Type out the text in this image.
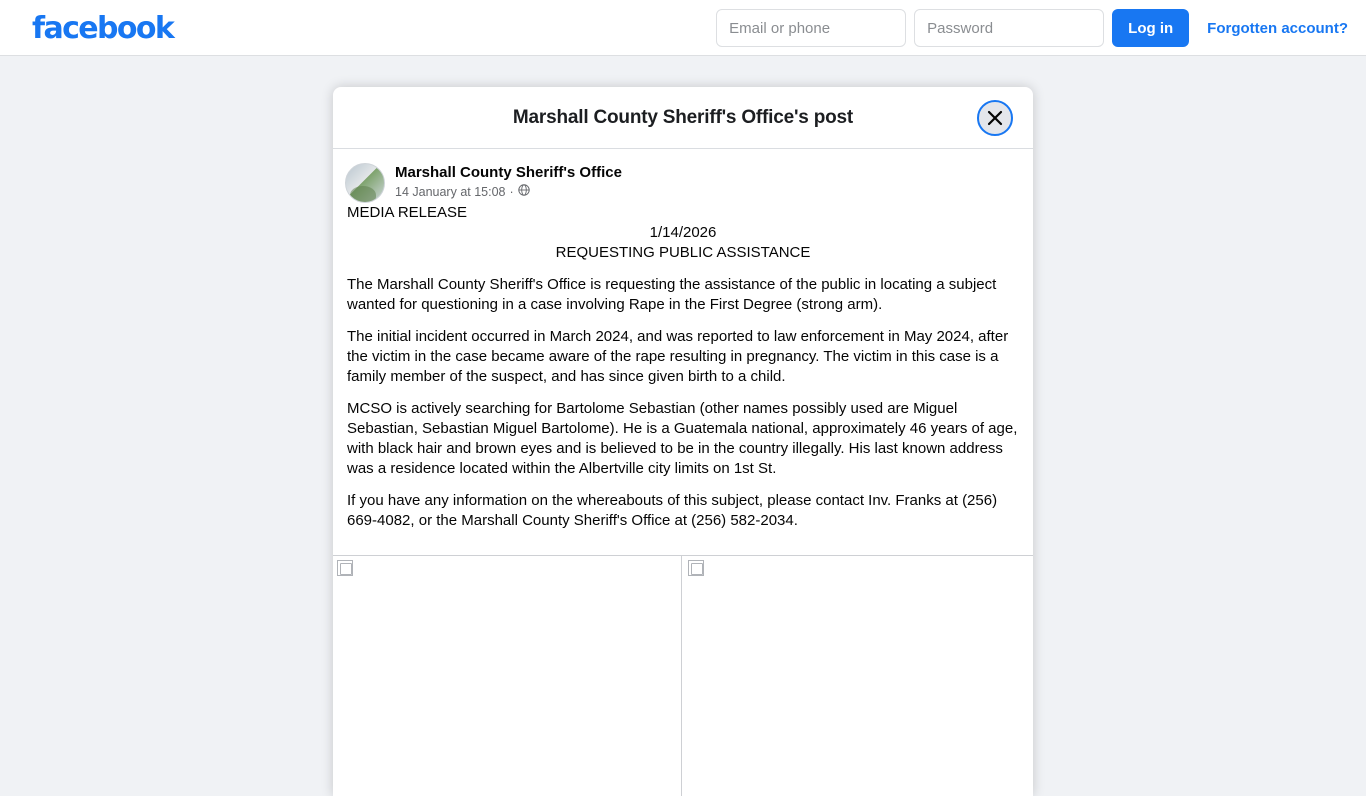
facebook
Email or phone	Log in	Forgotten account?
Marshall County Sheriff's Office's post
Marshall County Sheriff's Office
14 January at 15:08 ·

MEDIA RELEASE

1/14/2026

REQUESTING PUBLIC ASSISTANCE

The Marshall County Sheriff's Office is requesting the assistance of the public in locating a subject wanted for questioning in a case involving Rape in the First Degree (strong arm).

The initial incident occurred in March 2024, and was reported to law enforcement in May 2024, after the victim in the case became aware of the rape resulting in pregnancy. The victim in this case is a family member of the suspect, and has since given birth to a child.

MCSO is actively searching for Bartolome Sebastian (other names possibly used are Miguel Sebastian, Sebastian Miguel Bartolome). He is a Guatemala national, approximately 46 years of age, with black hair and brown eyes and is believed to be in the country illegally. His last known address was a residence located within the Albertville city limits on 1st St.

If you have any information on the whereabouts of this subject, please contact Inv. Franks at (256) 669-4082, or the Marshall County Sheriff's Office at (256) 582-2034.
